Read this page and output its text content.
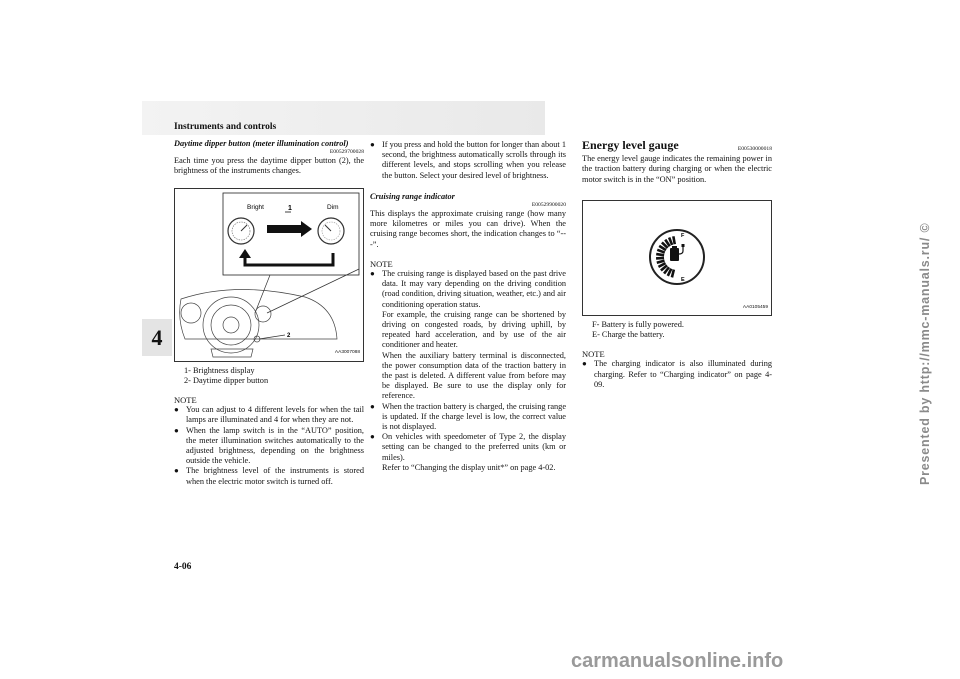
Instruments and controls
4
4-06
Presented by http://mmc-manuals.ru/ ©
carmanualsonline.info

Daytime dipper button (meter illumination control)

E00529700028

Each time you press the daytime dipper button (2), the brightness of the instruments changes.

Bright	Dim
1
2
AA3007088

1- Brightness display

2- Daytime dipper button

NOTE

● You can adjust to 4 different levels for when the tail lamps are illuminated and 4 for when they are not.
● When the lamp switch is in the “AUTO” position, the meter illumination switches automatically to the adjusted brightness, depending on the brightness outside the vehicle.
● The brightness level of the instruments is stored when the electric motor switch is turned off.
● If you press and hold the button for longer than about 1 second, the brightness automatically scrolls through its different levels, and stops scrolling when you release the button. Select your desired level of brightness.

Cruising range indicator

E00529900020

This displays the approximate cruising range (how many more kilometres or miles you can drive). When the cruising range becomes short, the indication changes to “---”.

NOTE

● The cruising range is displayed based on the past drive data. It may vary depending on the driving condition (road condition, driving situation, weather, etc.) and air conditioning operation status.
For example, the cruising range can be shortened by driving on congested roads, by driving uphill, by repeated hard acceleration, and by use of the air conditioner and heater.
When the auxiliary battery terminal is disconnected, the power consumption data of the traction battery in the past is deleted. A different value from before may be displayed. Be sure to use the display only for reference.
● When the traction battery is charged, the cruising range is updated. If the charge level is low, the correct value is not displayed.
● On vehicles with speedometer of Type 2, the display setting can be changed to the preferred units (km or miles).
Refer to “Changing the display unit*” on page 4-02.
Energy level gauge	E00530000018

The energy level gauge indicates the remaining power in the traction battery during charging or when the electric motor switch is in the “ON” position.

F
E
AA0105459

F- Battery is fully powered.

E- Charge the battery.

NOTE

● The charging indicator is also illuminated during charging. Refer to “Charging indicator” on page 4-09.
